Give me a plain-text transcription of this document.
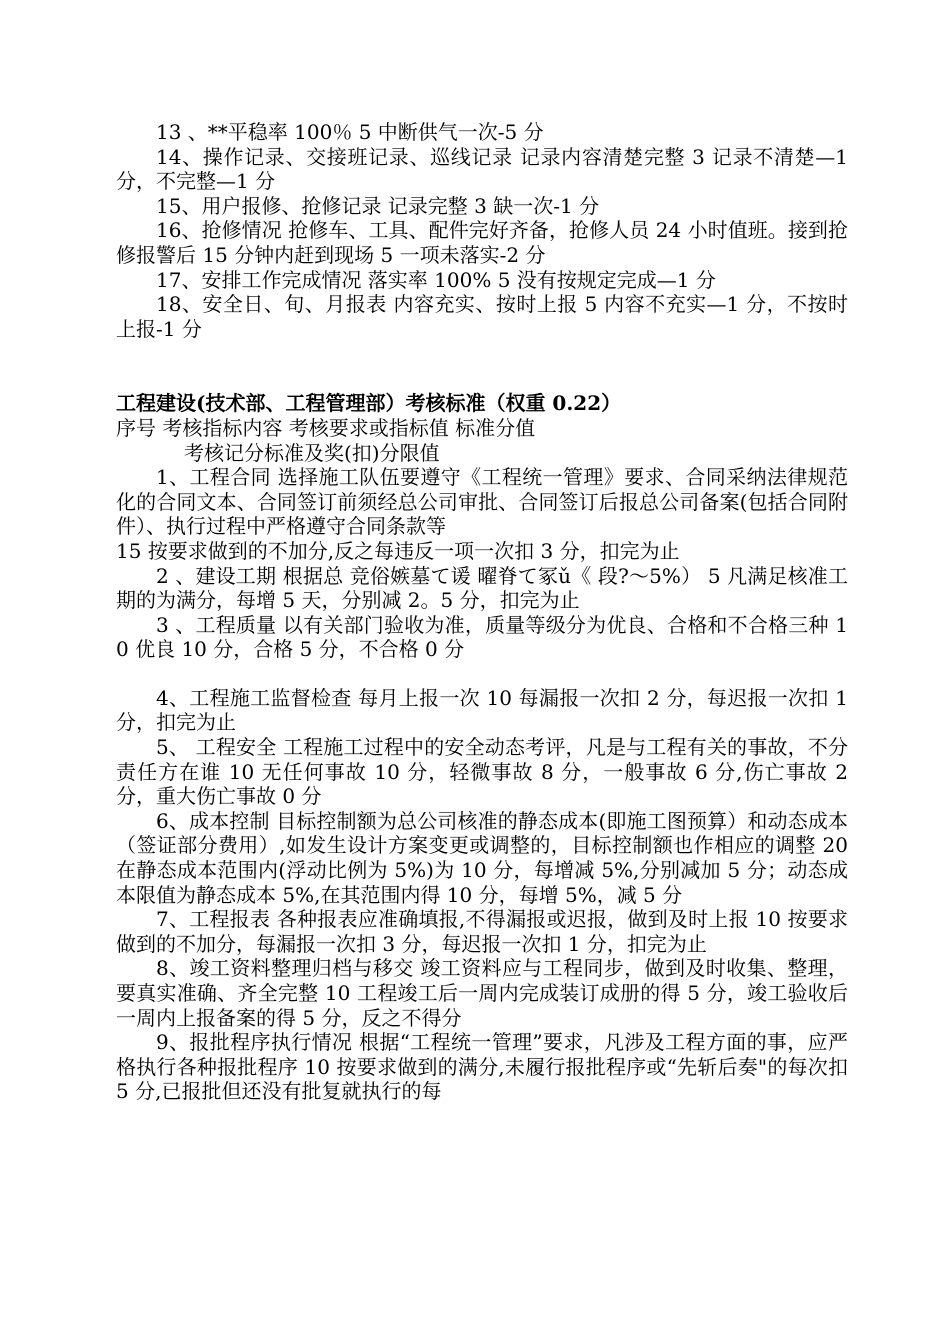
13 、**平稳率 100％ 5 中断供气一次-5 分
14、操作记录、交接班记录、巡线记录 记录内容清楚完整 3 记录不清楚—1 分，不完整—1 分
15、用户报修、抢修记录 记录完整 3 缺一次-1 分
16、抢修情况 抢修车、工具、配件完好齐备，抢修人员 24 小时值班。接到抢修报警后 15 分钟内赶到现场 5 一项未落实-2 分
17、安排工作完成情况 落实率 100% 5 没有按规定完成—1 分
18、安全日、旬、月报表 内容充实、按时上报 5 内容不充实—1 分，不按时上报-1 分
工程建设(技术部、工程管理部）考核标准（权重 0.22）
序号 考核指标内容 考核要求或指标值 标准分值
考核记分标准及奖(扣)分限值
1、工程合同 选择施工队伍要遵守《工程统一管理》要求、合同采纳法律规范化的合同文本、合同签订前须经总公司审批、合同签订后报总公司备案(包括合同附件）、执行过程中严格遵守合同条款等
15 按要求做到的不加分,反之每违反一项一次扣 3 分，扣完为止
2 、建设工期 根据总 竞俗嫉墓て谖 曜脊て冢ǔ《 段?～5%） 5 凡满足核准工期的为满分，每增 5 天，分别减 2。5 分，扣完为止
3 、工程质量 以有关部门验收为准，质量等级分为优良、合格和不合格三种 10 优良 10 分，合格 5 分，不合格 0 分
4、工程施工监督检查 每月上报一次 10 每漏报一次扣 2 分，每迟报一次扣 1 分，扣完为止
5、 工程安全 工程施工过程中的安全动态考评，凡是与工程有关的事故，不分责任方在谁 10 无任何事故 10 分，轻微事故 8 分，一般事故 6 分,伤亡事故 2 分，重大伤亡事故 0 分
6、成本控制 目标控制额为总公司核准的静态成本(即施工图预算）和动态成本（签证部分费用）,如发生设计方案变更或调整的，目标控制额也作相应的调整 20 在静态成本范围内(浮动比例为 5%)为 10 分，每增减 5%,分别减加 5 分；动态成本限值为静态成本 5%,在其范围内得 10 分，每增 5%，减 5 分
7、工程报表 各种报表应准确填报,不得漏报或迟报，做到及时上报 10 按要求做到的不加分，每漏报一次扣 3 分，每迟报一次扣 1 分，扣完为止
8、竣工资料整理归档与移交 竣工资料应与工程同步，做到及时收集、整理，要真实准确、齐全完整 10 工程竣工后一周内完成装订成册的得 5 分，竣工验收后一周内上报备案的得 5 分，反之不得分
9、报批程序执行情况 根据“工程统一管理”要求，凡涉及工程方面的事，应严格执行各种报批程序 10 按要求做到的满分,未履行报批程序或“先斩后奏"的每次扣 5 分,已报批但还没有批复就执行的每
